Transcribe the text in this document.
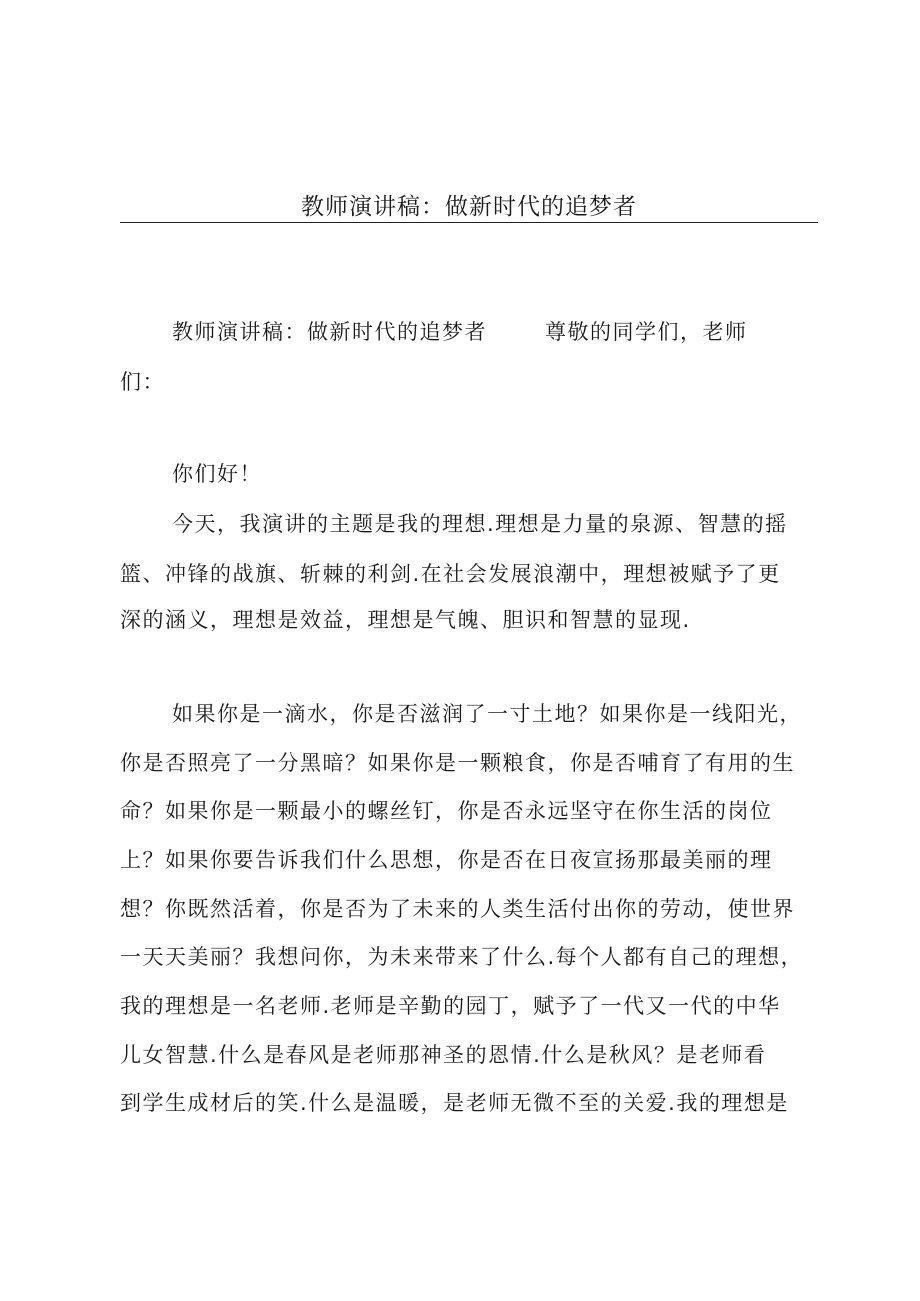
教师演讲稿：做新时代的追梦者
教师演讲稿：做新时代的追梦者	尊敬的同学们，老师
们：
你们好！
今天，我演讲的主题是我的理想.理想是力量的泉源、智慧的摇
篮、冲锋的战旗、斩棘的利剑.在社会发展浪潮中，理想被赋予了更
深的涵义，理想是效益，理想是气魄、胆识和智慧的显现.
如果你是一滴水，你是否滋润了一寸土地？如果你是一线阳光，
你是否照亮了一分黑暗？如果你是一颗粮食，你是否哺育了有用的生
命？如果你是一颗最小的螺丝钉，你是否永远坚守在你生活的岗位
上？如果你要告诉我们什么思想，你是否在日夜宣扬那最美丽的理
想？你既然活着，你是否为了未来的人类生活付出你的劳动，使世界
一天天美丽？我想问你，为未来带来了什么.每个人都有自己的理想，
我的理想是一名老师.老师是辛勤的园丁，赋予了一代又一代的中华
儿女智慧.什么是春风是老师那神圣的恩情.什么是秋风？是老师看
到学生成材后的笑.什么是温暖，是老师无微不至的关爱.我的理想是
